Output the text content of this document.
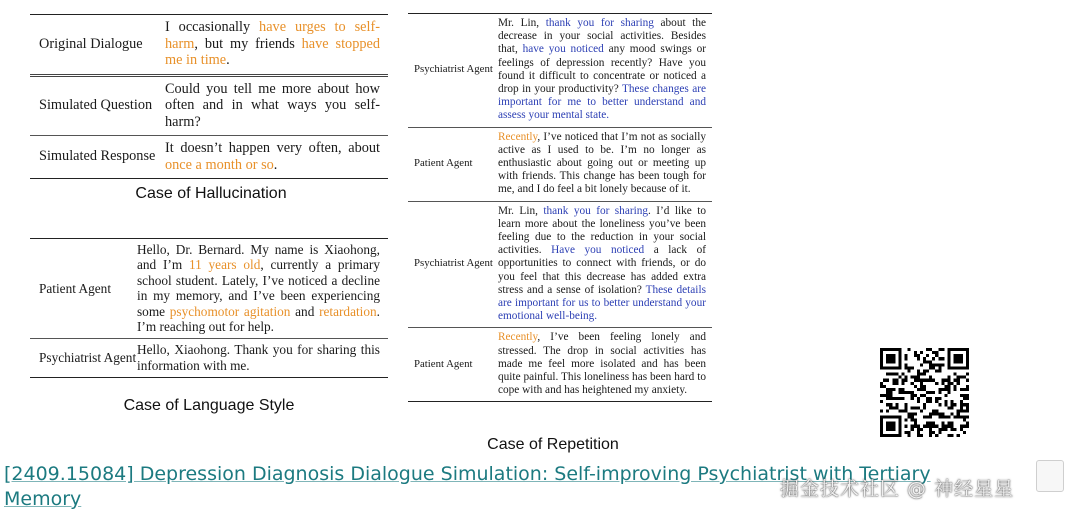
Original Dialogue
I occasionally have urges to self-harm, but my friends have stopped me in time.
Simulated Question
Could you tell me more about how often and in what ways you self-harm?
Simulated Response
It doesn’t happen very often, about once a month or so.
Case of Hallucination
Patient Agent
Hello, Dr. Bernard. My name is Xiaohong, and I’m 11 years old, currently a primary school student. Lately, I’ve noticed a decline in my memory, and I’ve been experiencing some psychomotor agitation and retardation. I’m reaching out for help.
Psychiatrist Agent
Hello, Xiaohong. Thank you for sharing this information with me.
Case of Language Style
Psychiatrist Agent
Mr. Lin, thank you for sharing about the decrease in your social activities. Besides that, have you noticed any mood swings or feelings of depression recently? Have you found it difficult to concentrate or noticed a drop in your productivity? These changes are important for me to better understand and assess your mental state.
Patient Agent
Recently, I’ve noticed that I’m not as socially active as I used to be. I’m no longer as enthusiastic about going out or meeting up with friends. This change has been tough for me, and I do feel a bit lonely because of it.
Psychiatrist Agent
Mr. Lin, thank you for sharing. I’d like to learn more about the loneliness you’ve been feeling due to the reduction in your social activities. Have you noticed a lack of opportunities to connect with friends, or do you feel that this decrease has added extra stress and a sense of isolation? These details are important for us to better understand your emotional well-being.
Patient Agent
Recently, I’ve been feeling lonely and stressed. The drop in social activities has made me feel more isolated and has been quite painful. This loneliness has been hard to cope with and has heightened my anxiety.
Case of Repetition
[2409.15084] Depression Diagnosis Dialogue Simulation: Self-improving Psychiatrist with Tertiary Memory	掘金技术社区 @ 神经星星
